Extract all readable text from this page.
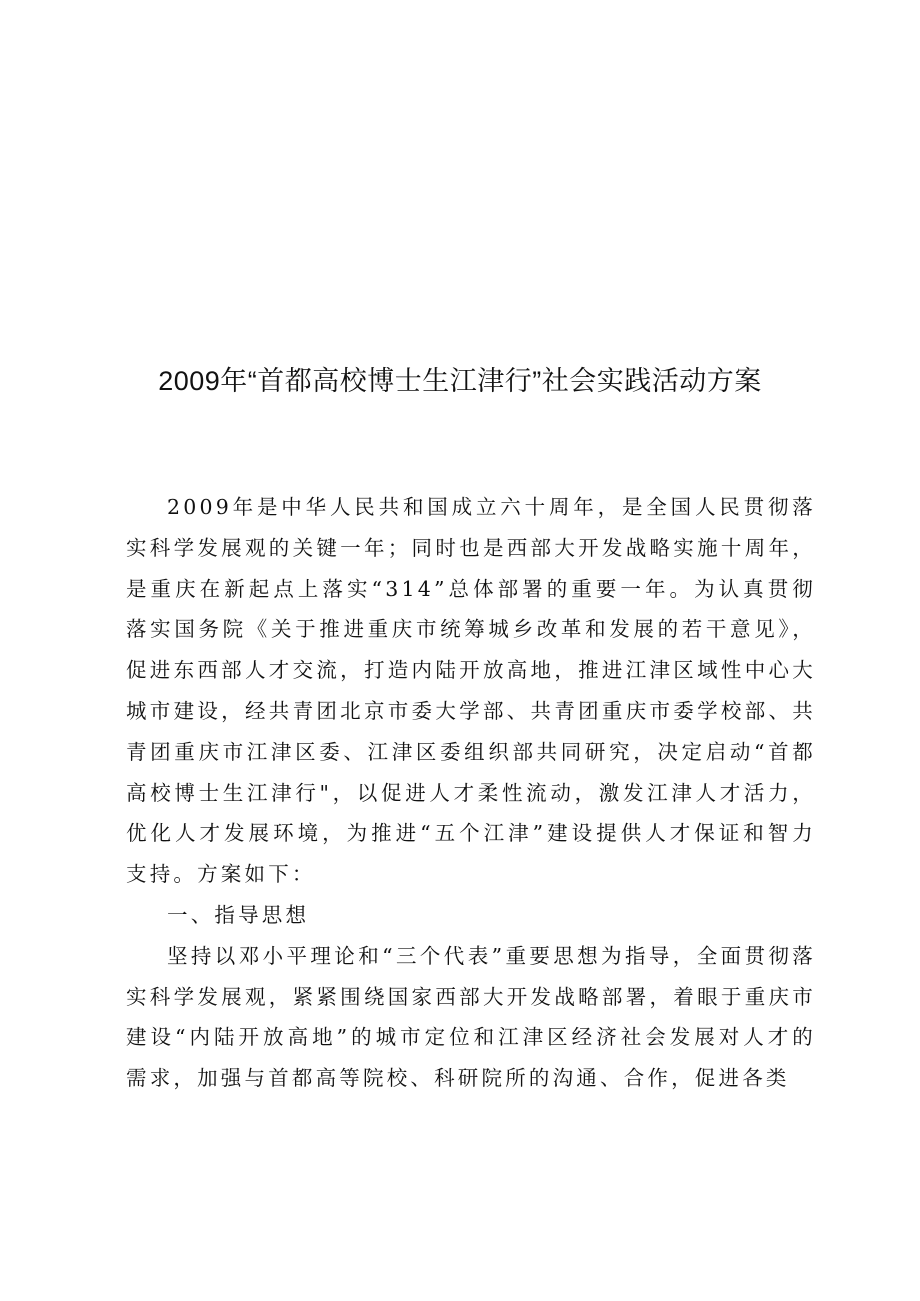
2009年“首都高校博士生江津行”社会实践活动方案

2009年是中华人民共和国成立六十周年，是全国人民贯彻落实科学发展观的关键一年；同时也是西部大开发战略实施十周年，是重庆在新起点上落实“314”总体部署的重要一年。为认真贯彻落实国务院《关于推进重庆市统筹城乡改革和发展的若干意见》，促进东西部人才交流，打造内陆开放高地，推进江津区域性中心大城市建设，经共青团北京市委大学部、共青团重庆市委学校部、共青团重庆市江津区委、江津区委组织部共同研究，决定启动“首都高校博士生江津行"，以促进人才柔性流动，激发江津人才活力，优化人才发展环境，为推进“五个江津”建设提供人才保证和智力支持。方案如下：

一、指导思想

坚持以邓小平理论和“三个代表”重要思想为指导，全面贯彻落实科学发展观，紧紧围绕国家西部大开发战略部署，着眼于重庆市建设“内陆开放高地”的城市定位和江津区经济社会发展对人才的需求，加强与首都高等院校、科研院所的沟通、合作，促进各类
